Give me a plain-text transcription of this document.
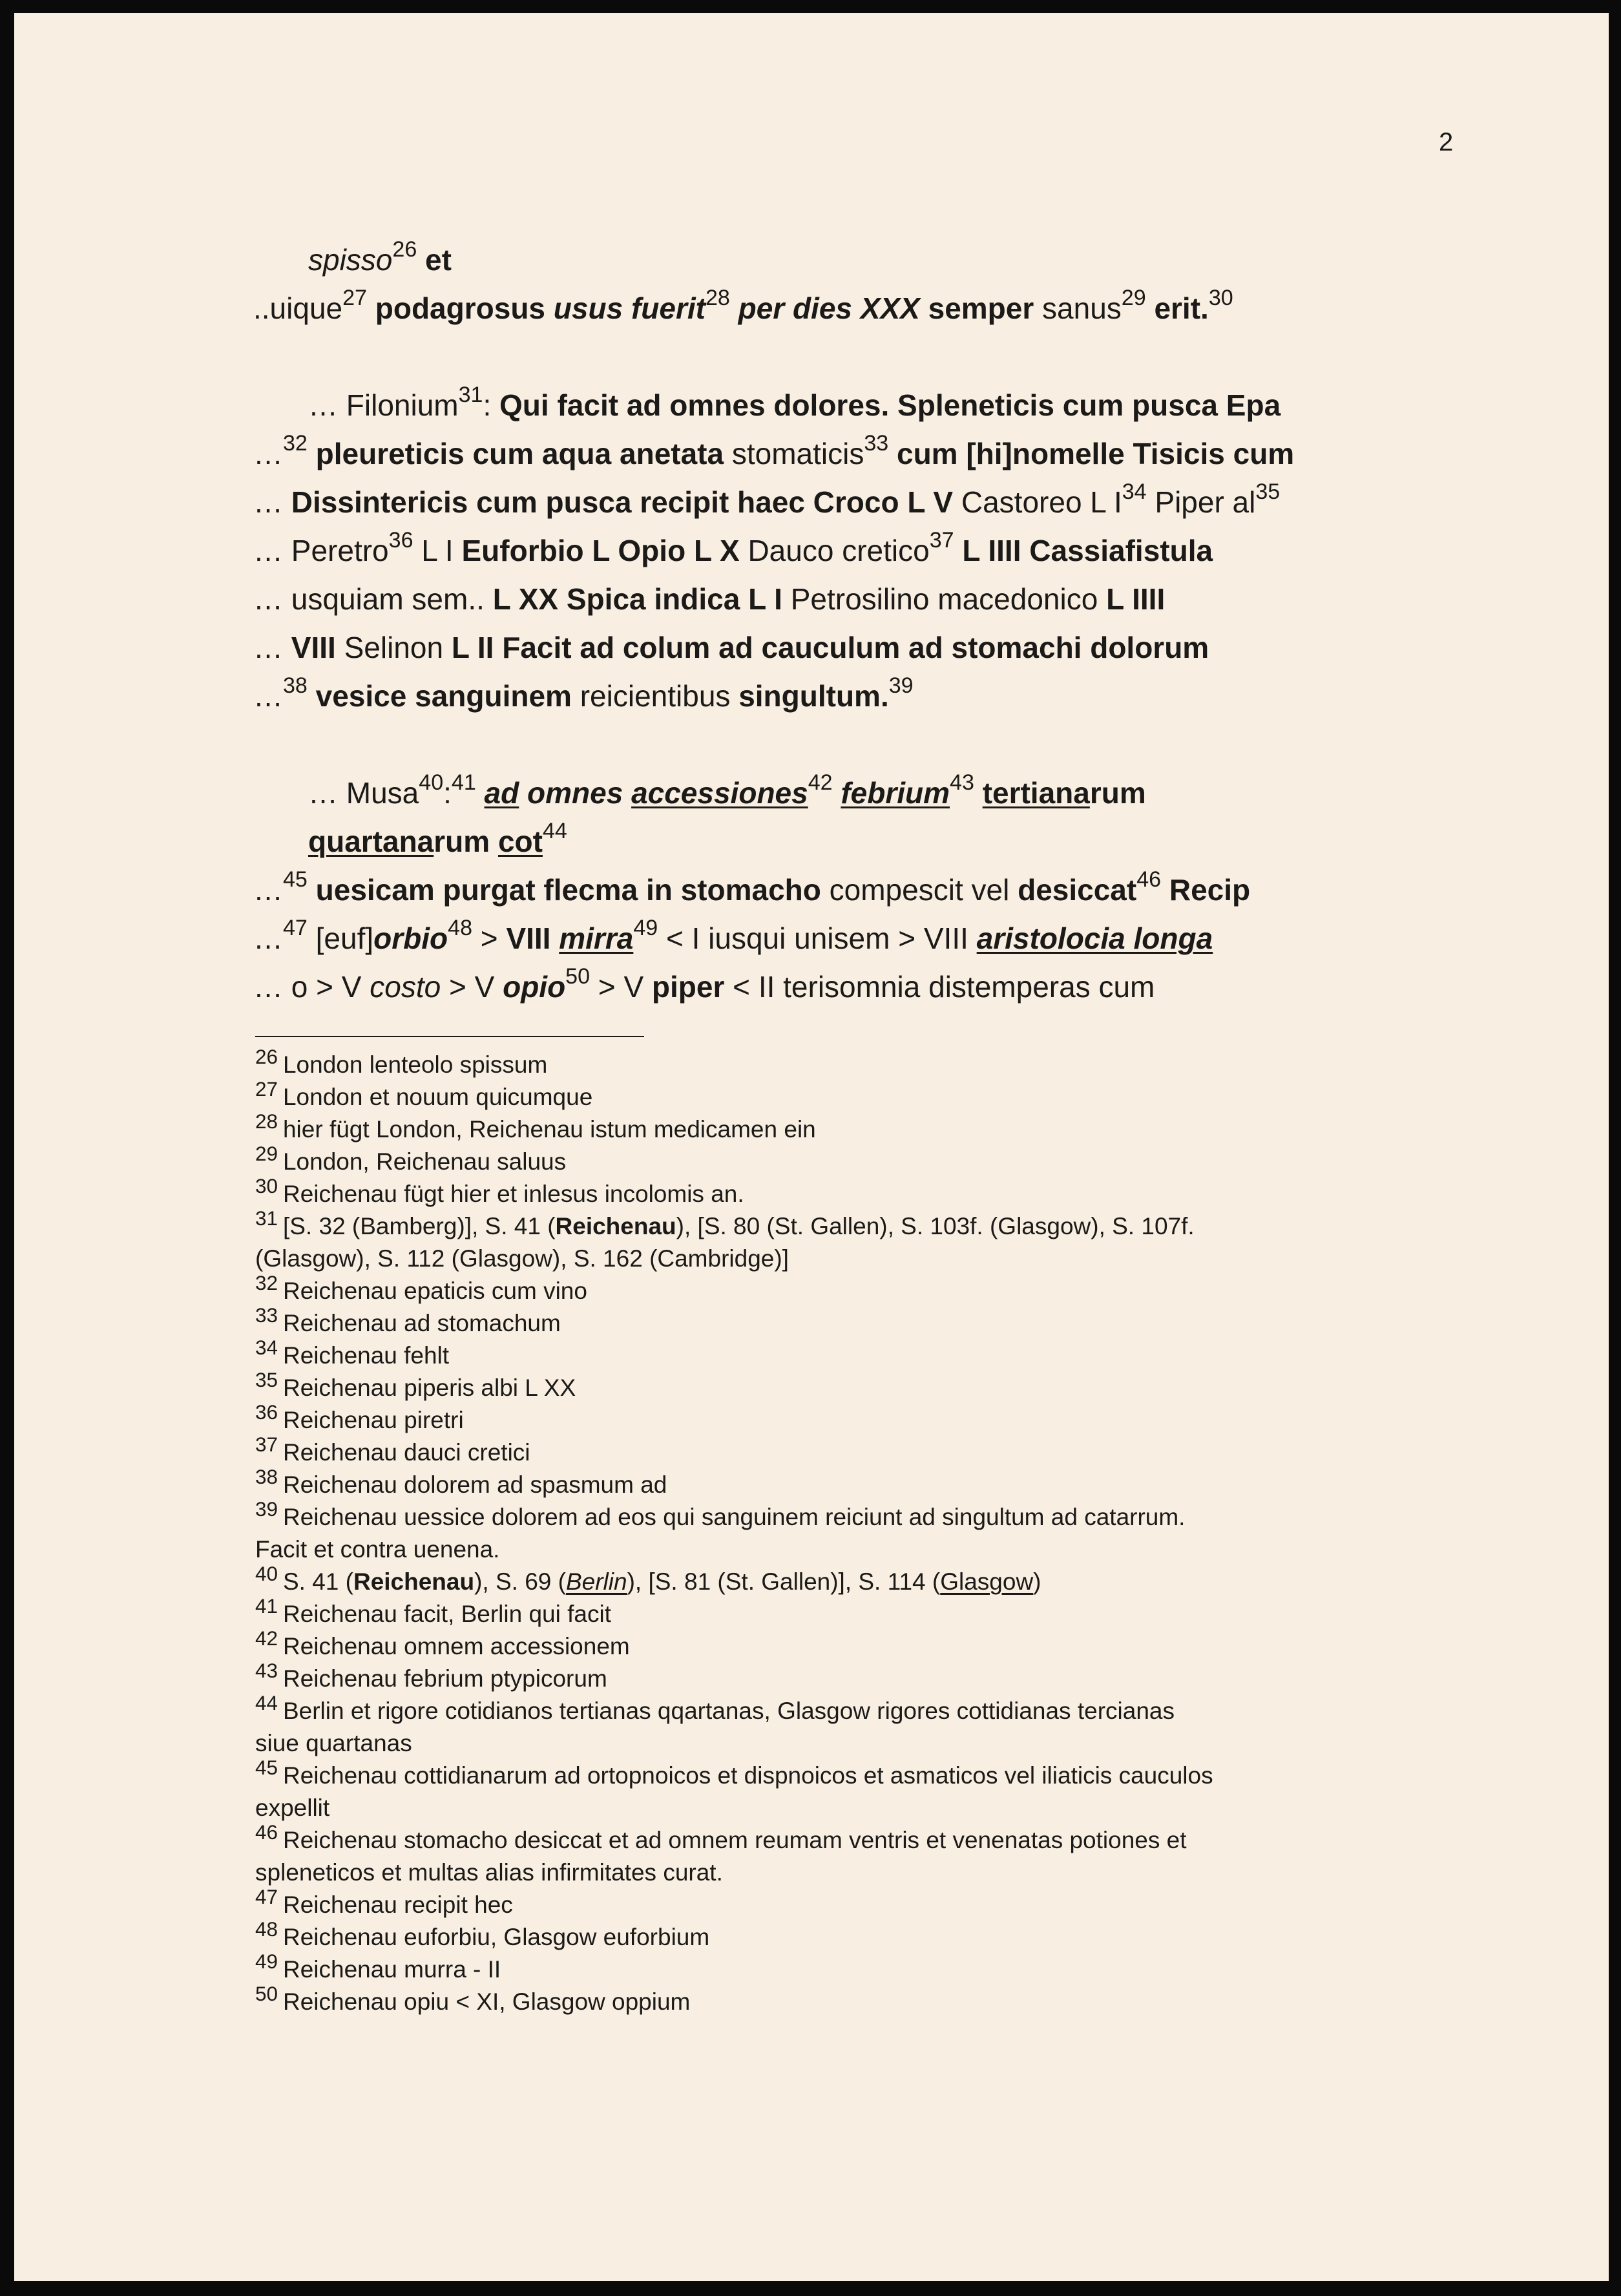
2
spisso$^{26}$ et
..uique$^{27}$ podagrosus usus fuerit$^{28}$ per dies XXX semper sanus$^{29}$ erit.$^{30}$
… Filonium$^{31}$: Qui facit ad omnes dolores. Spleneticis cum pusca Epa
…$^{32}$ pleureticis cum aqua anetata stomaticis$^{33}$ cum [hi]nomelle Tisicis cum
… Dissintericis cum pusca recipit haec Croco L V Castoreo L $I^{34}$ Piper $al^{35}$
… Peretro$^{36}$ L I Euforbio L Opio L X Dauco cretico$^{37}$ L IIII Cassiafistula
… usquiam sem.. L XX Spica indica L I Petrosilino macedonico L IIII
… VIII Selinon L II Facit ad colum ad cauculum ad stomachi dolorum
…$^{38}$ vesice sanguinem reicientibus singultum.$^{39}$
… Musa$^{40}$:$^{41}$ ad omnes accessiones$^{42}$ febrium$^{43}$ tertianarum
quartanarum $\cot^{44}$
…$^{45}$ uesicam purgat flecma in stomacho compescit vel desiccat$^{46}$ Recip
…$^{47}$ [euf]orbio$^{48}$ > VIII mirra$^{49}$ < I iusqui unisem > VIII aristolocia longa
… o > V costo > V opio$^{50}$ > V piper < II terisomnia distemperas cum
$^{26}$ London lenteolo spissum
$^{27}$ London et nouum quicumque
$^{28}$ hier fügt London, Reichenau istum medicamen ein
$^{29}$ London, Reichenau saluus
$^{30}$ Reichenau fügt hier et inlesus incolomis an.
$^{31}$ [S. 32 (Bamberg)], S. 41 (Reichenau), [S. 80 (St. Gallen), S. 103f. (Glasgow), S. 107f.
(Glasgow), S. 112 (Glasgow), S. 162 (Cambridge)]
$^{32}$ Reichenau epaticis cum vino
$^{33}$ Reichenau ad stomachum
$^{34}$ Reichenau fehlt
$^{35}$ Reichenau piperis albi L XX
$^{36}$ Reichenau piretri
$^{37}$ Reichenau dauci cretici
$^{38}$ Reichenau dolorem ad spasmum ad
$^{39}$ Reichenau uessice dolorem ad eos qui sanguinem reiciunt ad singultum ad catarrum.
Facit et contra uenena.
$^{40}$ S. 41 (Reichenau), S. 69 (Berlin), [S. 81 (St. Gallen)], S. 114 (Glasgow)
$^{41}$ Reichenau facit, Berlin qui facit
$^{42}$ Reichenau omnem accessionem
$^{43}$ Reichenau febrium ptypicorum
$^{44}$ Berlin et rigore cotidianos tertianas qqartanas, Glasgow rigores cottidianas tercianas
siue quartanas
$^{45}$ Reichenau cottidianarum ad ortopnoicos et dispnoicos et asmaticos vel iliaticis cauculos
expellit
$^{46}$ Reichenau stomacho desiccat et ad omnem reumam ventris et venenatas potiones et
spleneticos et multas alias infirmitates curat.
$^{47}$ Reichenau recipit hec
$^{48}$ Reichenau euforbiu, Glasgow euforbium
$^{49}$ Reichenau murra - II
$^{50}$ Reichenau opiu < XI, Glasgow oppium
